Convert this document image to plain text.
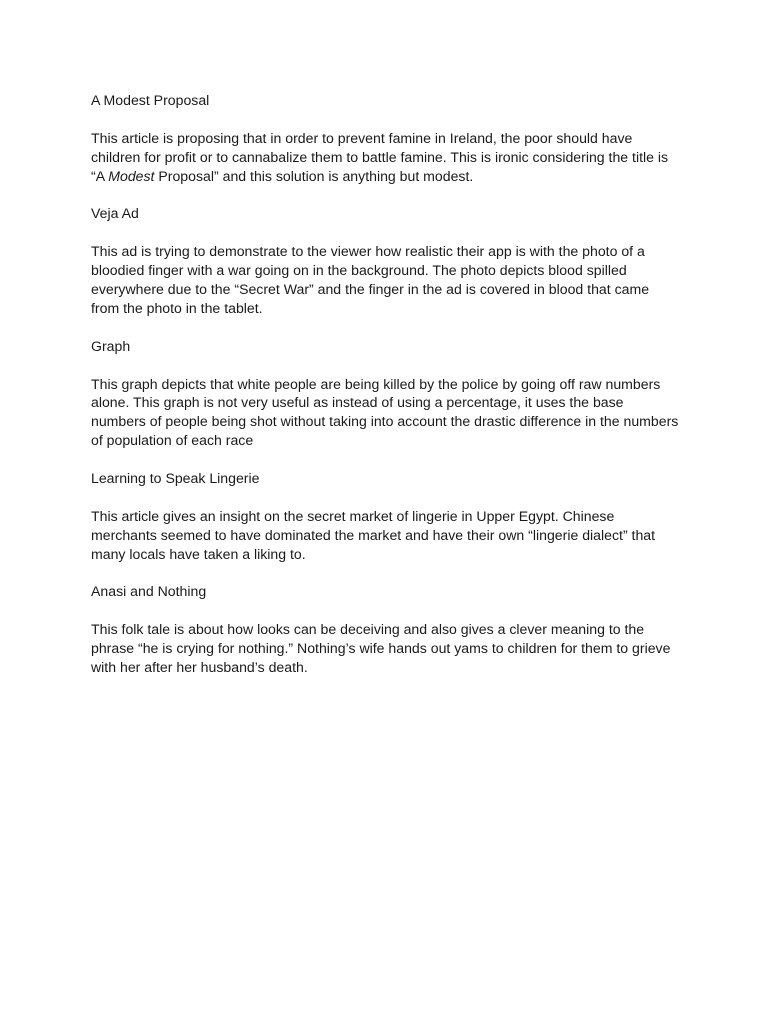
A Modest Proposal

This article is proposing that in order to prevent famine in Ireland, the poor should have children for profit or to cannabalize them to battle famine. This is ironic considering the title is “A Modest Proposal” and this solution is anything but modest.

Veja Ad

This ad is trying to demonstrate to the viewer how realistic their app is with the photo of a bloodied finger with a war going on in the background. The photo depicts blood spilled everywhere due to the “Secret War” and the finger in the ad is covered in blood that came from the photo in the tablet.

Graph

This graph depicts that white people are being killed by the police by going off raw numbers alone. This graph is not very useful as instead of using a percentage, it uses the base numbers of people being shot without taking into account the drastic difference in the numbers of population of each race

Learning to Speak Lingerie

This article gives an insight on the secret market of lingerie in Upper Egypt. Chinese merchants seemed to have dominated the market and have their own “lingerie dialect” that many locals have taken a liking to.

Anasi and Nothing

This folk tale is about how looks can be deceiving and also gives a clever meaning to the phrase “he is crying for nothing.” Nothing’s wife hands out yams to children for them to grieve with her after her husband’s death.
